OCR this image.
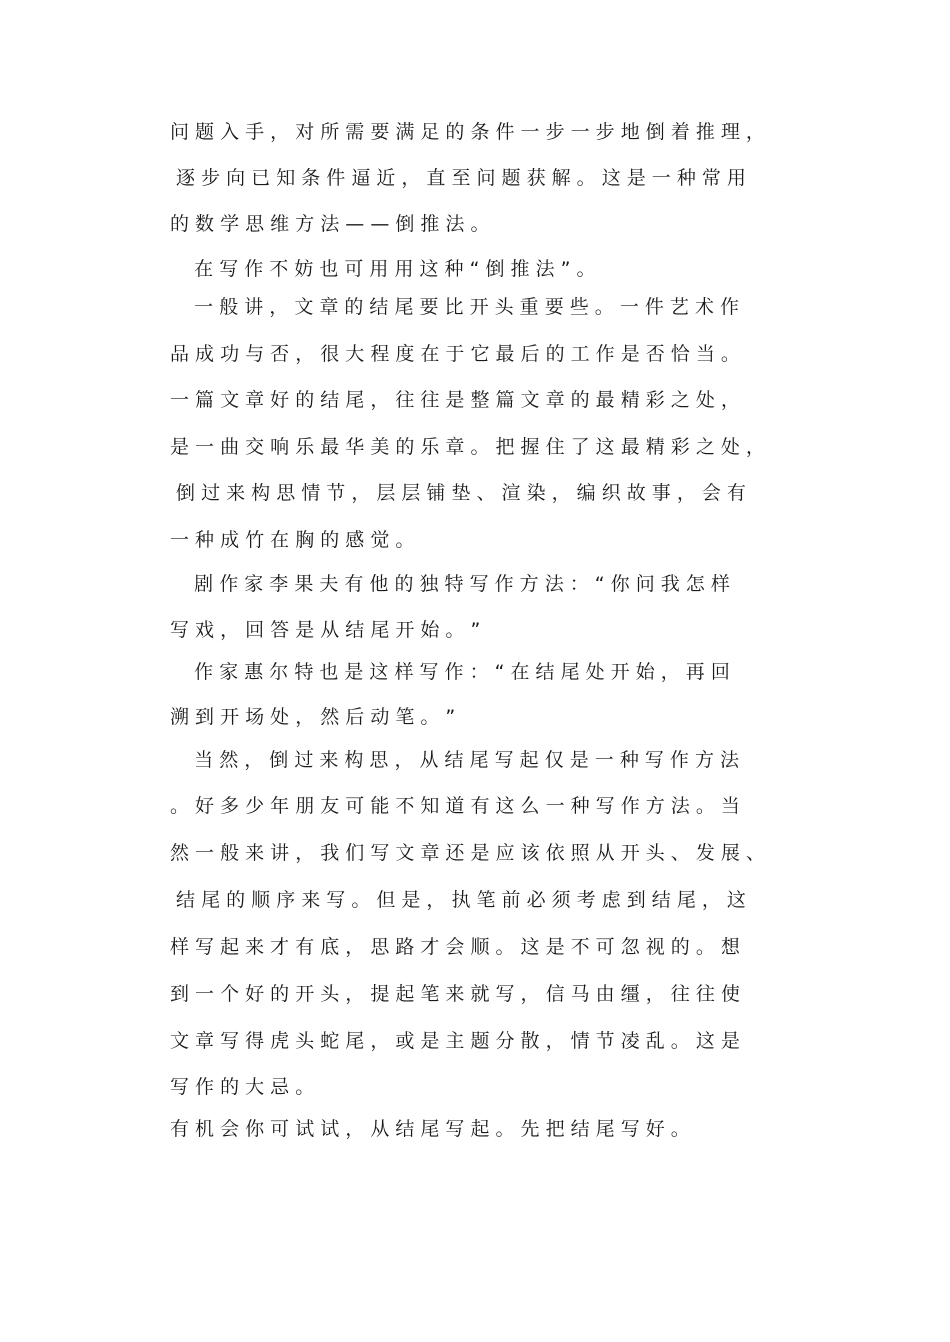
问 题 入 手 ， 对 所 需 要 满 足 的 条 件 一 步 一 步 地 倒 着 推 理 ，
逐 步 向 已 知 条 件 逼 近 ， 直 至 问 题 获 解 。 这 是 一 种 常 用
的 数 学 思 维 方 法 — — 倒 推 法 。
在 写 作 不 妨 也 可 用 用 这 种 “ 倒 推 法 ” 。
一 般 讲 ， 文 章 的 结 尾 要 比 开 头 重 要 些 。 一 件 艺 术 作
品 成 功 与 否 ， 很 大 程 度 在 于 它 最 后 的 工 作 是 否 恰 当 。
一 篇 文 章 好 的 结 尾 ， 往 往 是 整 篇 文 章 的 最 精 彩 之 处 ，
是 一 曲 交 响 乐 最 华 美 的 乐 章 。 把 握 住 了 这 最 精 彩 之 处 ，
倒 过 来 构 思 情 节 ， 层 层 铺 垫 、 渲 染 ， 编 织 故 事 ， 会 有
一 种 成 竹 在 胸 的 感 觉 。
剧 作 家 李 果 夫 有 他 的 独 特 写 作 方 法 ： “ 你 问 我 怎 样
写 戏 ， 回 答 是 从 结 尾 开 始 。 ”
作 家 惠 尔 特 也 是 这 样 写 作 ： “ 在 结 尾 处 开 始 ， 再 回
溯 到 开 场 处 ， 然 后 动 笔 。 ”
当 然 ， 倒 过 来 构 思 ， 从 结 尾 写 起 仅 是 一 种 写 作 方 法
。 好 多 少 年 朋 友 可 能 不 知 道 有 这 么 一 种 写 作 方 法 。 当
然 一 般 来 讲 ， 我 们 写 文 章 还 是 应 该 依 照 从 开 头 、 发 展 、
结 尾 的 顺 序 来 写 。 但 是 ， 执 笔 前 必 须 考 虑 到 结 尾 ， 这
样 写 起 来 才 有 底 ， 思 路 才 会 顺 。 这 是 不 可 忽 视 的 。 想
到 一 个 好 的 开 头 ， 提 起 笔 来 就 写 ， 信 马 由 缰 ， 往 往 使
文 章 写 得 虎 头 蛇 尾 ， 或 是 主 题 分 散 ， 情 节 凌 乱 。 这 是
写 作 的 大 忌 。
有 机 会 你 可 试 试 ， 从 结 尾 写 起 。 先 把 结 尾 写 好 。
